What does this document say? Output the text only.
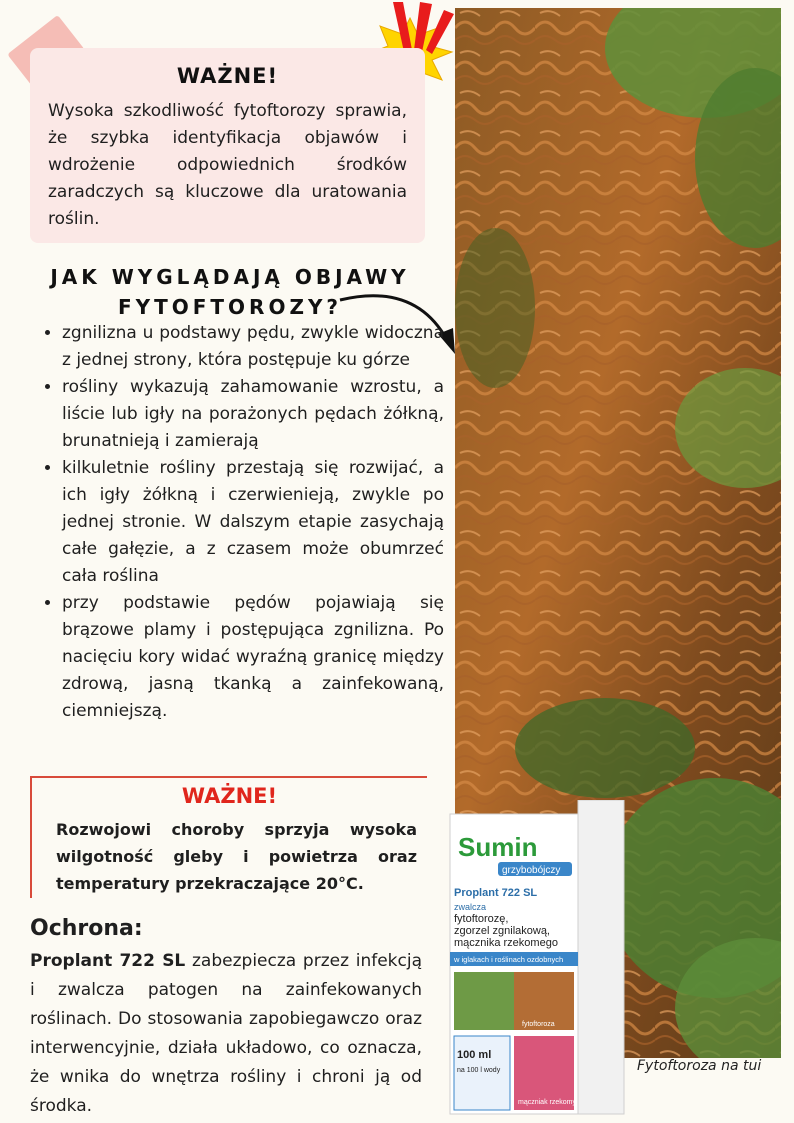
WAŻNE!

Wysoka szkodliwość fytoftorozy sprawia, że szybka identyfikacja objawów i wdrożenie odpowiednich środków zaradczych są kluczowe dla uratowania roślin.

Fytoftoroza na tui
JAK WYGLĄDAJĄ OBJAWY
FYTOFTOROZY?
• zgnilizna u podstawy pędu, zwykle widoczna z jednej strony, która postępuje ku górze
• rośliny wykazują zahamowanie wzrostu, a liście lub igły na porażonych pędach żółkną, brunatnieją i zamierają
• kilkuletnie rośliny przestają się rozwijać, a ich igły żółkną i czerwienieją, zwykle po jednej stronie. W dalszym etapie zasychają całe gałęzie, a z czasem może obumrzeć cała roślina
• przy podstawie pędów pojawiają się brązowe plamy i postępująca zgnilizna. Po nacięciu kory widać wyraźną granicę między zdrową, jasną tkanką a zainfekowaną, ciemniejszą.
WAŻNE!

Rozwojowi choroby sprzyja wysoka wilgotność gleby i powietrza oraz temperatury przekraczające 20°C.

Ochrona:

Proplant 722 SL zabezpiecza przez infekcją i zwalcza patogen na zainfekowanych roślinach. Do stosowania zapobiegawczo oraz interwencyjnie, działa układowo, co oznacza, że wnika do wnętrza rośliny i chroni ją od środka.

Sumin
grzybobójczy
Proplant 722 SL
zwalcza
fytoftorozę,
zgorzel zgnilakową,
mącznika rzekomego
w iglakach i roślinach ozdobnych
fytoftoroza
100 ml
na 100 l wody
mączniak rzekomy
